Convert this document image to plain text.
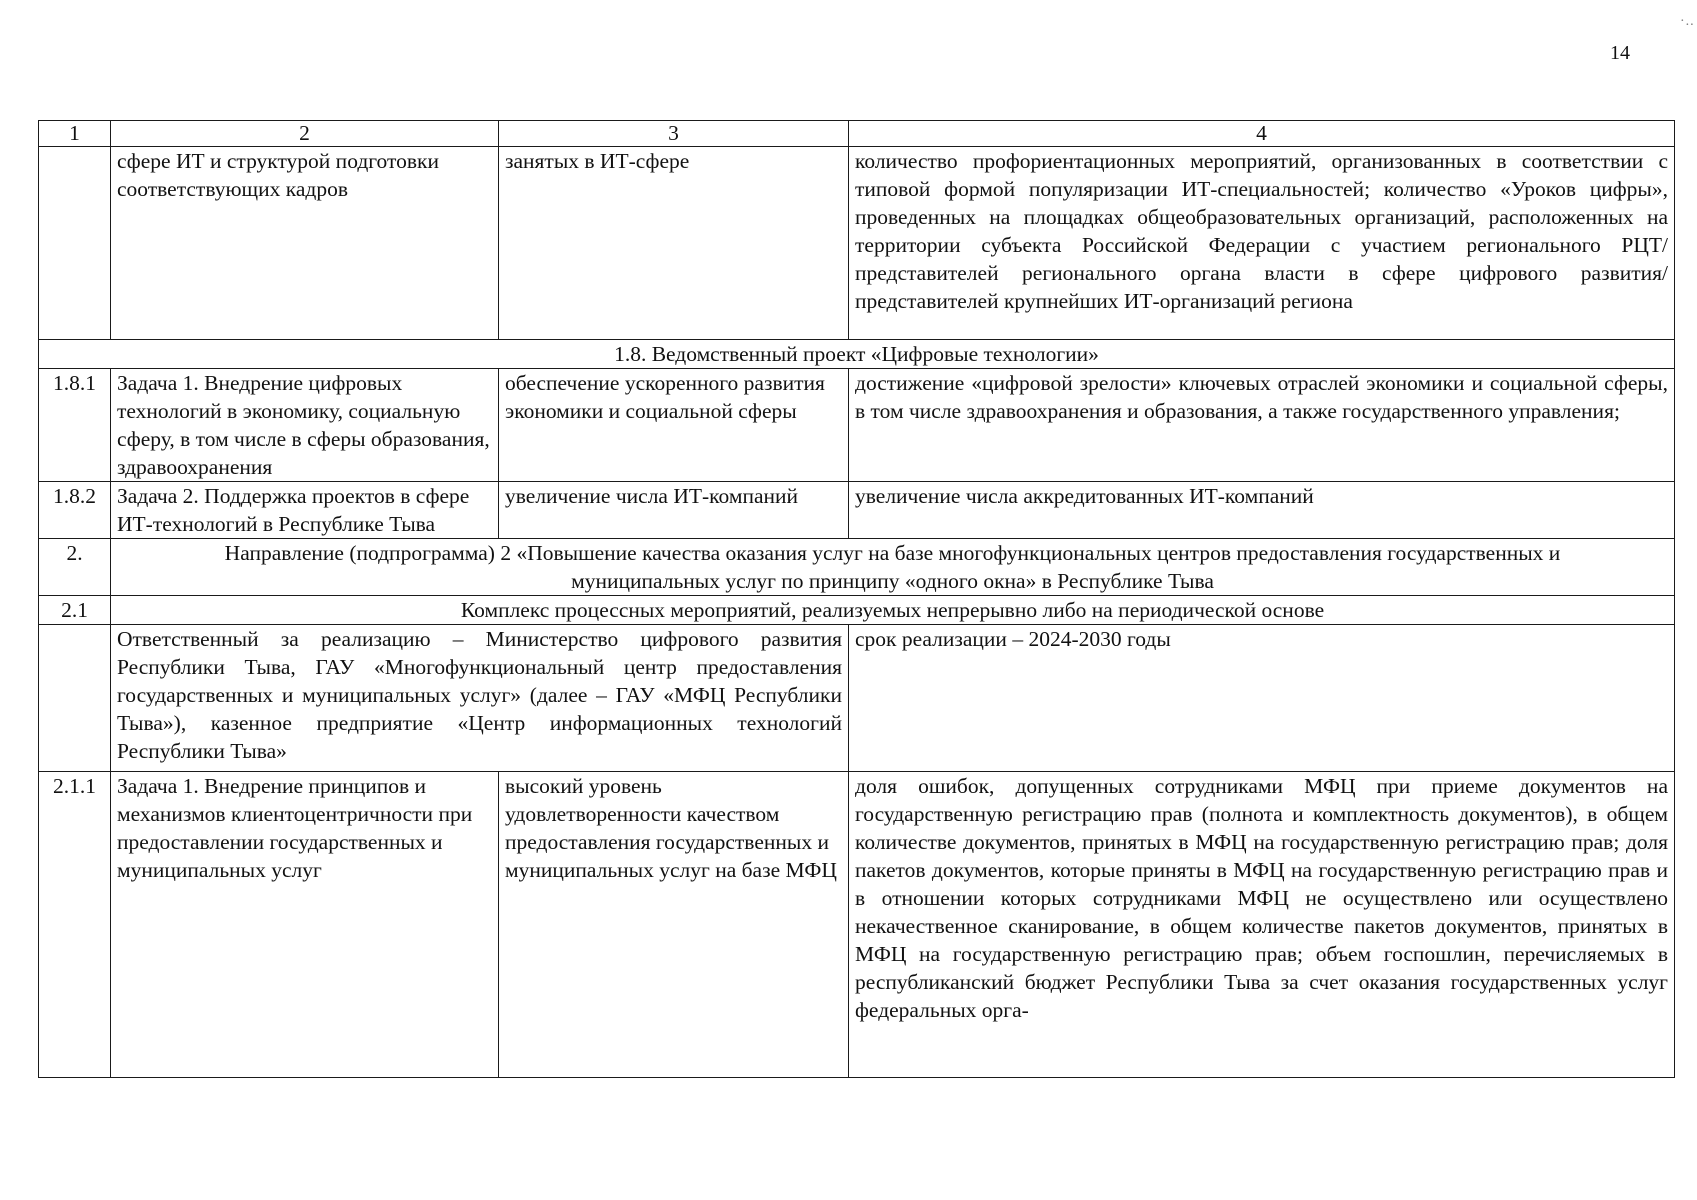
14
·..
1	2	3	4
	сфере ИТ и структурой подготовки соответствующих кадров	занятых в ИТ-сфере	количество профориентационных мероприятий, организованных в соответствии с типовой формой популяризации ИТ-специальностей; количество «Уроков цифры», проведенных на площадках общеобразовательных организаций, расположенных на территории субъекта Российской Федерации с участием регионального РЦТ/представителей регионального органа власти в сфере цифрового развития/представителей крупнейших ИТ-организаций региона
1.8. Ведомственный проект «Цифровые технологии»			
1.8.1	Задача 1. Внедрение цифровых технологий в экономику, социальную сферу, в том числе в сферы образования, здравоохранения	обеспечение ускоренного развития экономики и социальной сферы	достижение «цифровой зрелости» ключевых отраслей экономики и социальной сферы, в том числе здравоохранения и образования, а также государственного управления;
1.8.2	Задача 2. Поддержка проектов в сфере ИТ-технологий в Республике Тыва	увеличение числа ИТ-компаний	увеличение числа аккредитованных ИТ-компаний
2.	Направление (подпрограмма) 2 «Повышение качества оказания услуг на базе многофункциональных центров предоставления государственных и муниципальных услуг по принципу «одного окна» в Республике Тыва		
2.1	Комплекс процессных мероприятий, реализуемых непрерывно либо на периодической основе		
	Ответственный за реализацию – Министерство цифрового развития Республики Тыва, ГАУ «Многофункциональный центр предоставления государственных и муниципальных услуг» (далее – ГАУ «МФЦ Республики Тыва»), казенное предприятие «Центр информационных технологий Республики Тыва»		срок реализации – 2024-2030 годы
2.1.1	Задача 1. Внедрение принципов и механизмов клиентоцентричности при предоставлении государственных и муниципальных услуг	высокий уровень удовлетворенности качеством предоставления государственных и муниципальных услуг на базе МФЦ	доля ошибок, допущенных сотрудниками МФЦ при приеме документов на государственную регистрацию прав (полнота и комплектность документов), в общем количестве документов, принятых в МФЦ на государственную регистрацию прав; доля пакетов документов, которые приняты в МФЦ на государственную регистрацию прав и в отношении которых сотрудниками МФЦ не осуществлено или осуществлено некачественное сканирование, в общем количестве пакетов документов, принятых в МФЦ на государственную регистрацию прав; объем госпошлин, перечисляемых в республиканский бюджет Республики Тыва за счет оказания государственных услуг федеральных орга-
